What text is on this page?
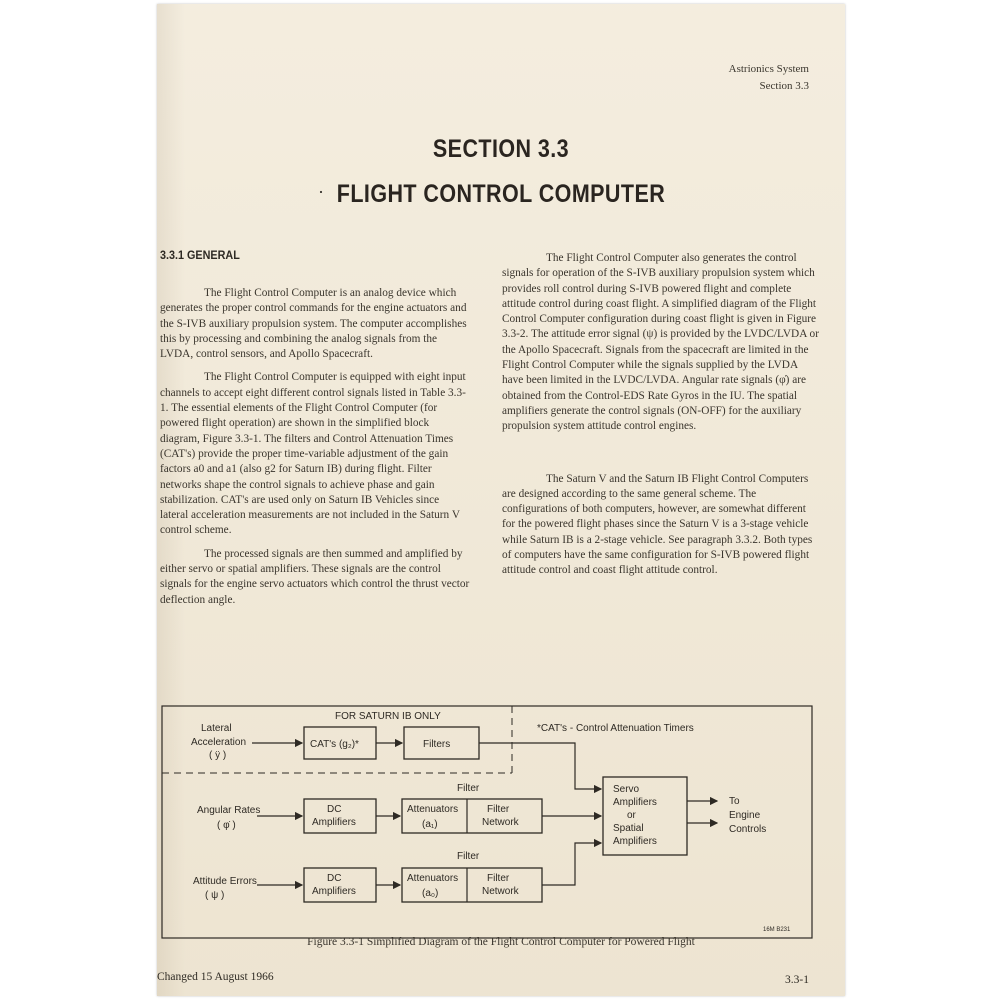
Astrionics System
Section 3.3
SECTION 3.3
· FLIGHT CONTROL COMPUTER
3.3.1 GENERAL

The Flight Control Computer is an analog device which generates the proper control commands for the engine actuators and the S-IVB auxiliary propulsion system. The computer accomplishes this by processing and combining the analog signals from the LVDA, control sensors, and Apollo Spacecraft.

The Flight Control Computer is equipped with eight input channels to accept eight different control signals listed in Table 3.3-1. The essential elements of the Flight Control Computer (for powered flight operation) are shown in the simplified block diagram, Figure 3.3-1. The filters and Control Attenuation Times (CAT's) provide the proper time-variable adjustment of the gain factors a0 and a1 (also g2 for Saturn IB) during flight. Filter networks shape the control signals to achieve phase and gain stabilization. CAT's are used only on Saturn IB Vehicles since lateral acceleration measurements are not included in the Saturn V control scheme.

The processed signals are then summed and amplified by either servo or spatial amplifiers. These signals are the control signals for the engine servo actuators which control the thrust vector deflection angle.

The Flight Control Computer also generates the control signals for operation of the S-IVB auxiliary propulsion system which provides roll control during S-IVB powered flight and complete attitude control during coast flight. A simplified diagram of the Flight Control Computer configuration during coast flight is given in Figure 3.3-2. The attitude error signal (ψ) is provided by the LVDC/LVDA or the Apollo Spacecraft. Signals from the spacecraft are limited in the Flight Control Computer while the signals supplied by the LVDA have been limited in the LVDC/LVDA. Angular rate signals (φ̇) are obtained from the Control-EDS Rate Gyros in the IU. The spatial amplifiers generate the control signals (ON-OFF) for the auxiliary propulsion system attitude control engines.

The Saturn V and the Saturn IB Flight Control Computers are designed according to the same general scheme. The configurations of both computers, however, are somewhat different for the powered flight phases since the Saturn V is a 3-stage vehicle while Saturn IB is a 2-stage vehicle. See paragraph 3.3.2. Both types of computers have the same configuration for S-IVB powered flight attitude control and coast flight attitude control.

FOR SATURN IB ONLY
*CAT's - Control Attenuation Timers
Lateral
Acceleration
( ÿ )
CAT's (g₂)*	Filters
Angular Rates
( φ̇ )
DC
Amplifiers
Filter
Attenuators
(a₁)
Filter
Network
Attitude Errors
( ψ )
DC
Amplifiers
Filter
Attenuators
(a₀)
Filter
Network
Servo
Amplifiers
or
Spatial
Amplifiers
To
Engine
Controls
16M B231
Figure 3.3-1 Simplified Diagram of the Flight Control Computer for Powered Flight
Changed 15 August 1966	3.3-1
